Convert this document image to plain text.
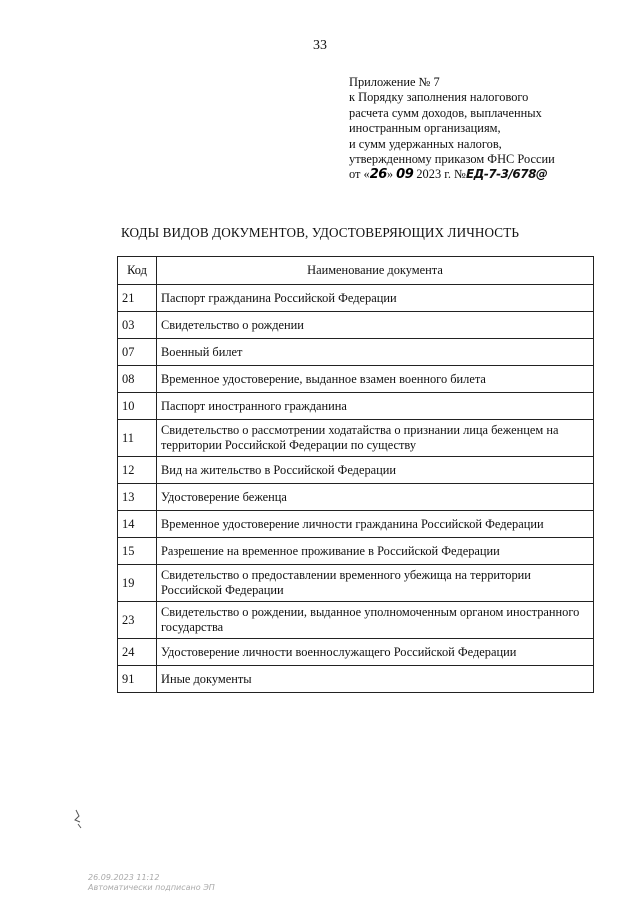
33
Приложение № 7
к Порядку заполнения налогового
расчета сумм доходов, выплаченных
иностранным организациям,
и сумм удержанных налогов,
утвержденному приказом ФНС России
от «26» 09 2023 г. №ЕД-7-3/678@
КОДЫ ВИДОВ ДОКУМЕНТОВ, УДОСТОВЕРЯЮЩИХ ЛИЧНОСТЬ
Код	Наименование документа
21	Паспорт гражданина Российской Федерации
03	Свидетельство о рождении
07	Военный билет
08	Временное удостоверение, выданное взамен военного билета
10	Паспорт иностранного гражданина
11	Свидетельство о рассмотрении ходатайства о признании лица беженцем на территории Российской Федерации по существу
12	Вид на жительство в Российской Федерации
13	Удостоверение беженца
14	Временное удостоверение личности гражданина Российской Федерации
15	Разрешение на временное проживание в Российской Федерации
19	Свидетельство о предоставлении временного убежища на территории Российской Федерации
23	Свидетельство о рождении, выданное уполномоченным органом иностранного государства
24	Удостоверение личности военнослужащего Российской Федерации
91	Иные документы
26.09.2023 11:12
Автоматически подписано ЭП
